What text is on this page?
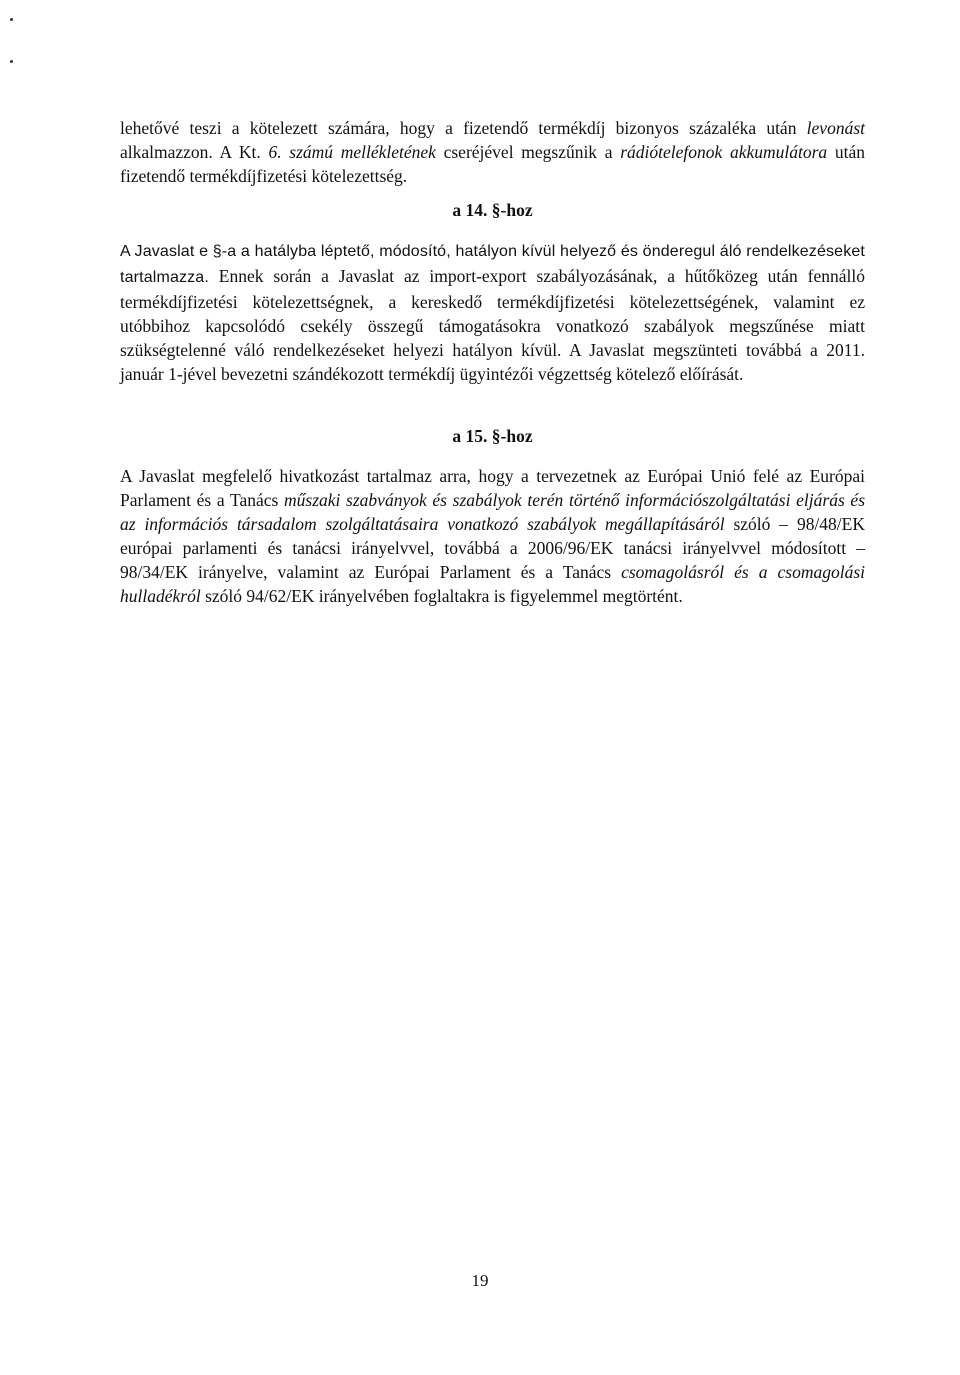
lehetővé teszi a kötelezett számára, hogy a fizetendő termékdíj bizonyos százaléka után levonást alkalmazzon. A Kt. 6. számú mellékletének cseréjével megszűnik a rádiótelefonok akkumulátora után fizetendő termékdíjfizetési kötelezettség.

a 14. §-hoz

A Javaslat e §-a a hatályba léptető, módosító, hatályon kívül helyező és önderegul áló rendelkezéseket tartalmazza. Ennek során a Javaslat az import-export szabályozásának, a hűtőközeg után fennálló termékdíjfizetési kötelezettségnek, a kereskedő termékdíjfizetési kötelezettségének, valamint ez utóbbihoz kapcsolódó csekély összegű támogatásokra vonatkozó szabályok megszűnése miatt szükségtelenné váló rendelkezéseket helyezi hatályon kívül. A Javaslat megszünteti továbbá a 2011. január 1-jével bevezetni szándékozott termékdíj ügyintézői végzettség kötelező előírását.

a 15. §-hoz

A Javaslat megfelelő hivatkozást tartalmaz arra, hogy a tervezetnek az Európai Unió felé az Európai Parlament és a Tanács műszaki szabványok és szabályok terén történő információszolgáltatási eljárás és az információs társadalom szolgáltatásaira vonatkozó szabályok megállapításáról szóló – 98/48/EK európai parlamenti és tanácsi irányelvvel, továbbá a 2006/96/EK tanácsi irányelvvel módosított – 98/34/EK irányelve, valamint az Európai Parlament és a Tanács csomagolásról és a csomagolási hulladékról szóló 94/62/EK irányelvében foglaltakra is figyelemmel megtörtént.

19
